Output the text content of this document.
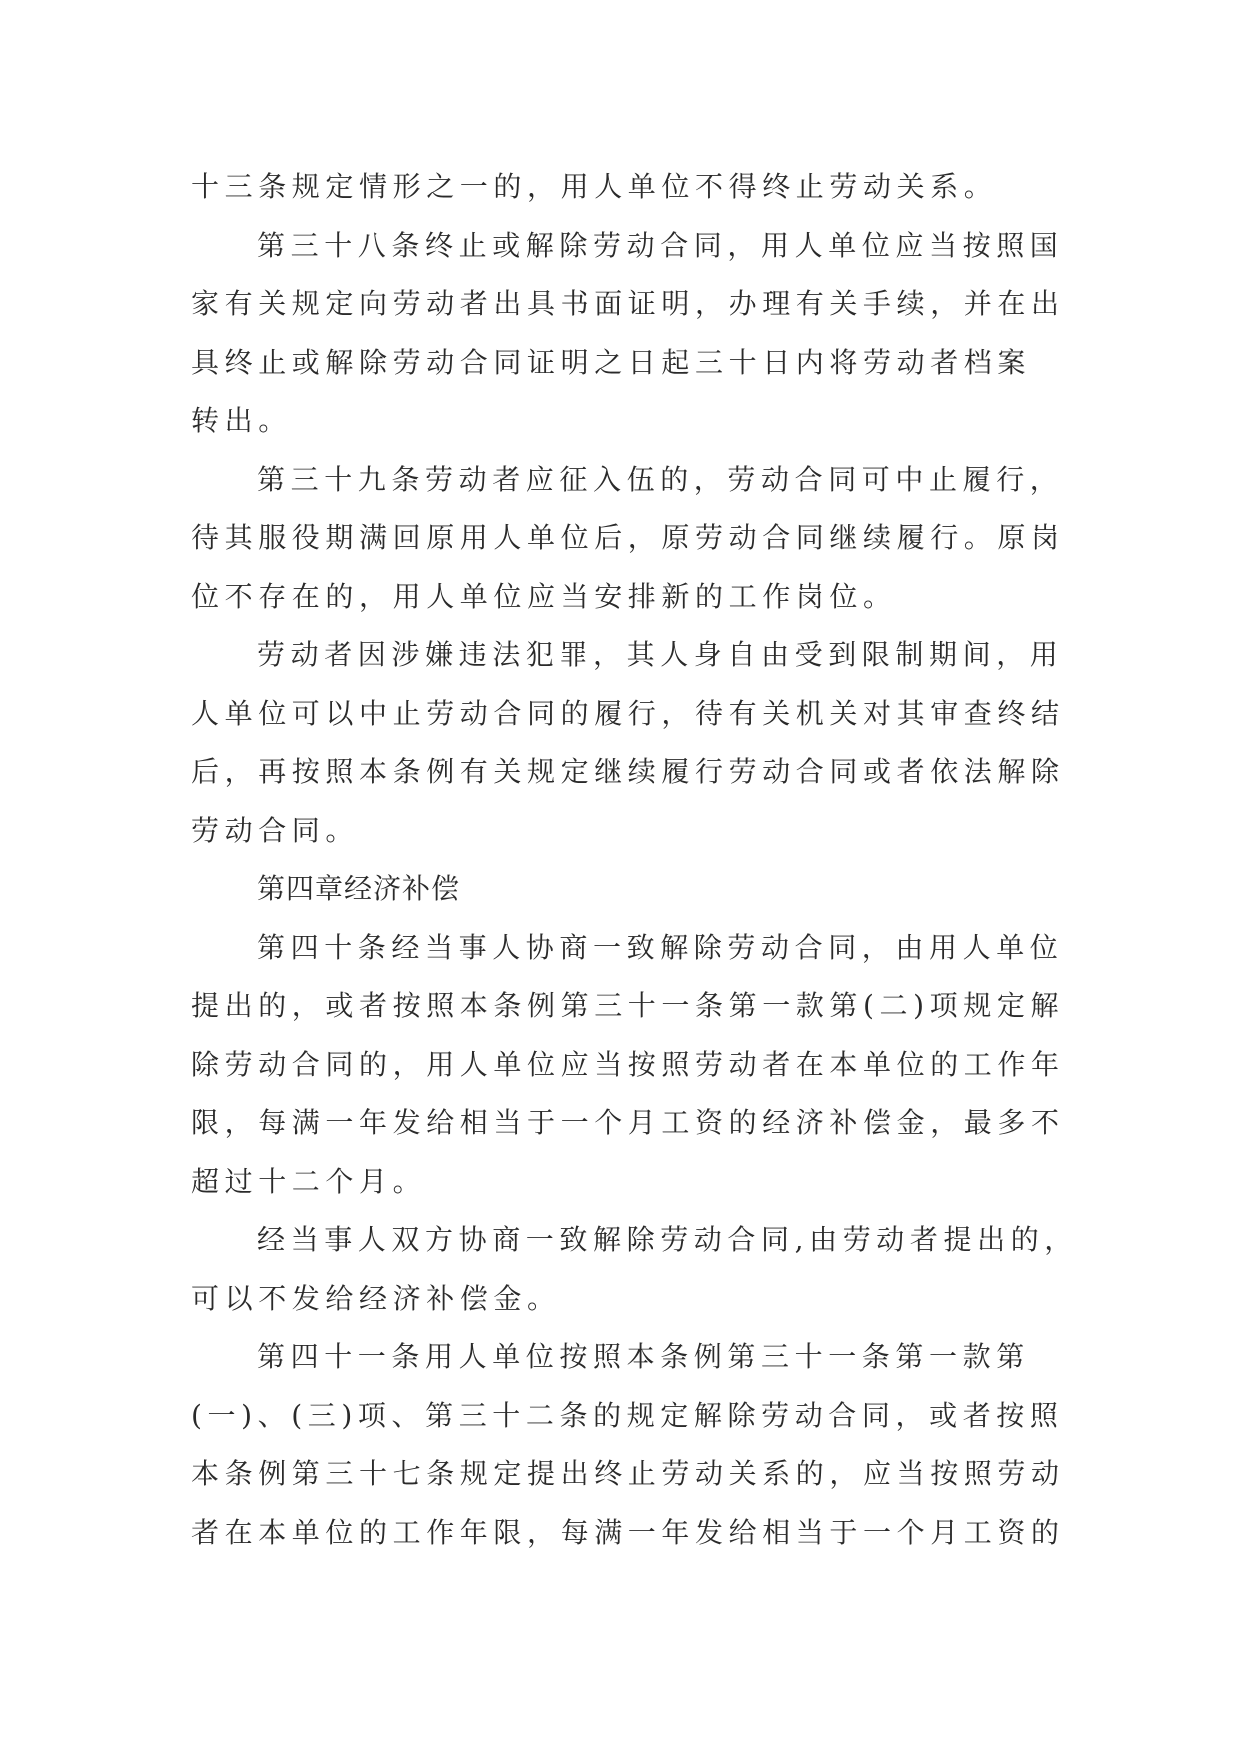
十三条规定情形之一的，用人单位不得终止劳动关系。
第三十八条终止或解除劳动合同，用人单位应当按照国
家有关规定向劳动者出具书面证明，办理有关手续，并在出
具终止或解除劳动合同证明之日起三十日内将劳动者档案
转出。
第三十九条劳动者应征入伍的，劳动合同可中止履行，
待其服役期满回原用人单位后，原劳动合同继续履行。原岗
位不存在的，用人单位应当安排新的工作岗位。
劳动者因涉嫌违法犯罪，其人身自由受到限制期间，用
人单位可以中止劳动合同的履行，待有关机关对其审查终结
后，再按照本条例有关规定继续履行劳动合同或者依法解除
劳动合同。
第四章经济补偿
第四十条经当事人协商一致解除劳动合同，由用人单位
提出的，或者按照本条例第三十一条第一款第(二)项规定解
除劳动合同的，用人单位应当按照劳动者在本单位的工作年
限，每满一年发给相当于一个月工资的经济补偿金，最多不
超过十二个月。
经当事人双方协商一致解除劳动合同,由劳动者提出的，
可以不发给经济补偿金。
第四十一条用人单位按照本条例第三十一条第一款第
(一)、(三)项、第三十二条的规定解除劳动合同，或者按照
本条例第三十七条规定提出终止劳动关系的，应当按照劳动
者在本单位的工作年限，每满一年发给相当于一个月工资的
